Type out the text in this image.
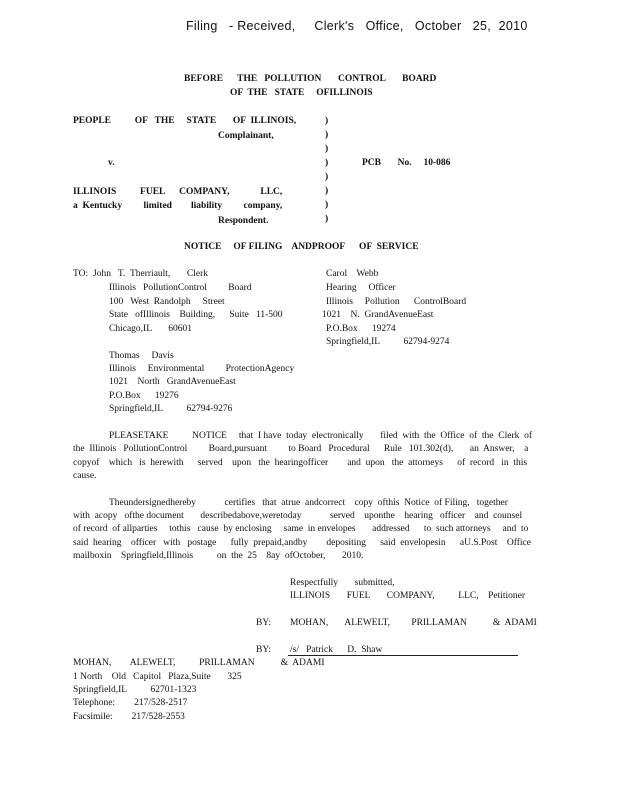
Filing   - Received,     Clerk's   Office,   October   25,  2010
BEFORE      THE   POLLUTION       CONTROL       BOARD
OF  THE   STATE     OFILLINOIS
PEOPLE          OF   THE     STATE       OF  ILLINOIS,
Complainant,
v.
ILLINOIS          FUEL      COMPANY,             LLC,
a  Kentucky         limited        liability         company,
Respondent.
)
)
)
)
)
)
)
)
PCB       No.     10-086
NOTICE     OF FILING    ANDPROOF      OF  SERVICE
TO: John   T.  Therriault,       Clerk
Illinois   PollutionControl         Board
100   West  Randolph     Street
State   ofIllinois    Building,      Suite   11-500
Chicago,IL       60601
Carol    Webb
Hearing     Officer
Illinois     Pollution      ControlBoard
1021    N.  GrandAvenueEast
P.O.Box      19274
Springfield,IL          62794-9274
Thomas     Davis
Illinois     Environmental         ProtectionAgency
1021    North   GrandAvenueEast
P.O.Box      19276
Springfield,IL          62794-9276
PLEASETAKE          NOTICE     that  I have  today  electronically       filed  with  the  Office  of  the  Clerk  of
the  Illinois   PollutionControl         Board,pursuant         to Board   Procedural      Rule   101.302(d),       an  Answer,    a
copyof    which   is  herewith      served    upon   the  hearingofficer        and  upon   the  attorneys      of  record   in  this
cause.
Theundersignedhereby            certifies   that  atrue  andcorrect    copy  ofthis  Notice  of Filing,   together
with  acopy   ofthe document       describedabove,weretoday            served    uponthe    hearing   officer    and  counsel
of record  of allparties     tothis   cause  by enclosing     same  in envelopes       addressed      to  such attorneys     and  to
said  hearing    officer   with   postage      fully  prepaid,andby        depositing      said  envelopesin      aU.S.Post    Office
mailboxin    Springfield,Illinois          on  the  25    8ay  ofOctober,       2010.
Respectfully       submitted,
ILLINOIS       FUEL       COMPANY,          LLC,    Petitioner
BY: MOHAN,       ALEWELT,         PRILLAMAN           &  ADAMI
BY: /s/   Patrick      D.  Shaw
MOHAN,        ALEWELT,          PRILLAMAN           &  ADAMI
1 North    Old   Capitol   Plaza,Suite       325
Springfield,IL          62701-1323
Telephone:        217/528-2517
Facsimile:        217/528-2553
